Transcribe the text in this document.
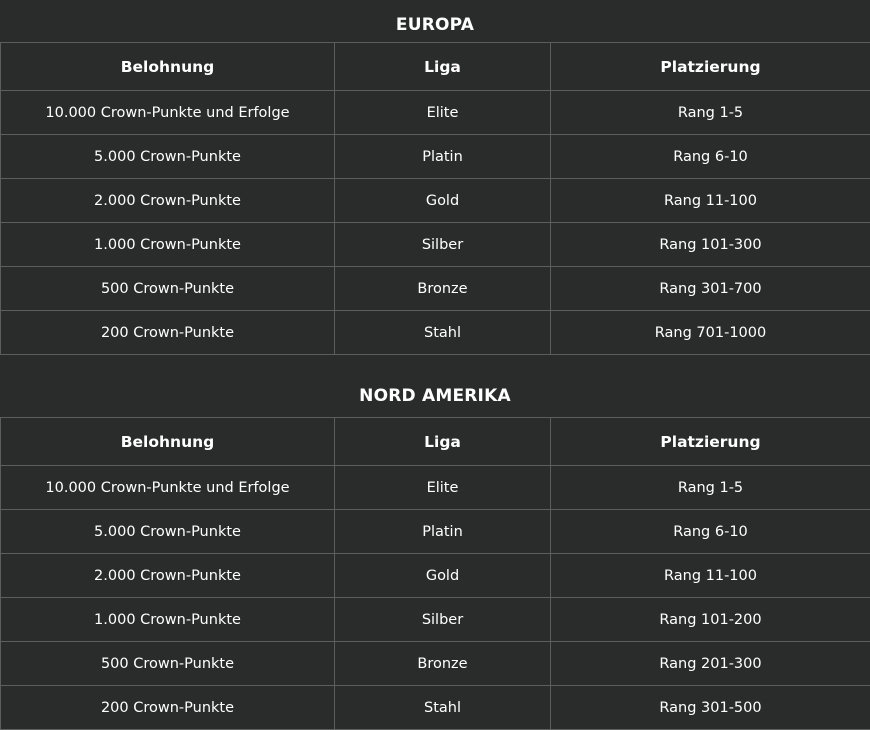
EUROPA
Belohnung	Liga	Platzierung
10.000 Crown-Punkte und Erfolge	Elite	Rang 1-5
5.000 Crown-Punkte	Platin	Rang 6-10
2.000 Crown-Punkte	Gold	Rang 11-100
1.000 Crown-Punkte	Silber	Rang 101-300
500 Crown-Punkte	Bronze	Rang 301-700
200 Crown-Punkte	Stahl	Rang 701-1000
NORD AMERIKA
Belohnung	Liga	Platzierung
10.000 Crown-Punkte und Erfolge	Elite	Rang 1-5
5.000 Crown-Punkte	Platin	Rang 6-10
2.000 Crown-Punkte	Gold	Rang 11-100
1.000 Crown-Punkte	Silber	Rang 101-200
500 Crown-Punkte	Bronze	Rang 201-300
200 Crown-Punkte	Stahl	Rang 301-500
